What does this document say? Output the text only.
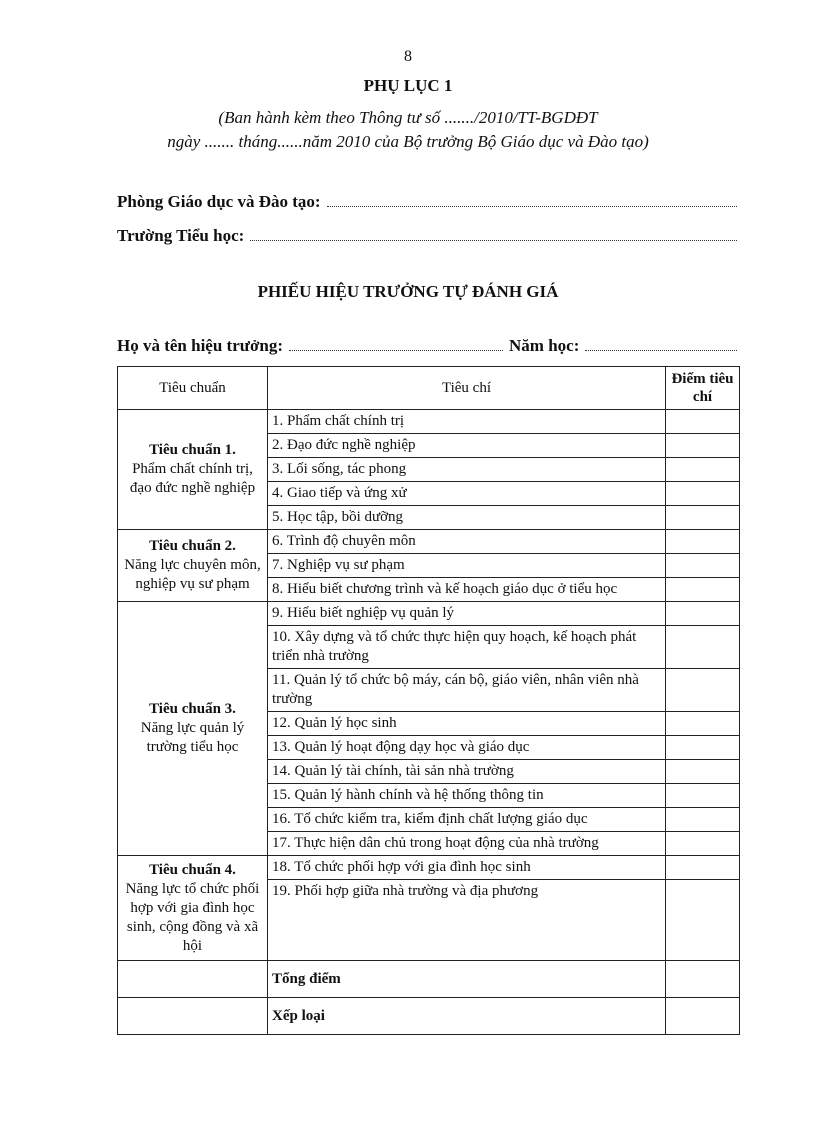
8
PHỤ LỤC 1
(Ban hành kèm theo Thông tư số ......./2010/TT-BGDĐT
ngày ....... tháng......năm 2010 của Bộ trưởng Bộ Giáo dục và Đào tạo)
Phòng Giáo dục và Đào tạo:
Trường Tiểu học:
PHIẾU HIỆU TRƯỞNG TỰ ĐÁNH GIÁ
Họ và tên hiệu trưởng :	Năm học :
Tiêu chuẩn	Tiêu chí	Điểm tiêu chí

Tiêu chuẩn 1.
Phẩm chất chính trị, đạo đức nghề nghiệp	1. Phẩm chất chính trị	
	2. Đạo đức nghề nghiệp	
	3. Lối sống, tác phong	
	4. Giao tiếp và ứng xử	
	5. Học tập, bồi dưỡng	

Tiêu chuẩn 2.
Năng lực chuyên môn, nghiệp vụ sư phạm	6. Trình độ chuyên môn	
	7. Nghiệp vụ sư phạm	
	8. Hiểu biết chương trình và kế hoạch giáo dục ở tiểu học	

Tiêu chuẩn 3.
Năng lực quản lý trường tiểu học	9. Hiểu biết nghiệp vụ quản lý	
	10. Xây dựng và tổ chức thực hiện quy hoạch, kế hoạch phát triển nhà trường	
	11. Quản lý tổ chức bộ máy, cán bộ, giáo viên, nhân viên nhà trường	
	12. Quản lý học sinh	
	13. Quản lý hoạt động dạy học và giáo dục	
	14. Quản lý tài chính, tài sản nhà trường	
	15. Quản lý hành chính và hệ thống thông tin	
	16. Tổ chức kiểm tra, kiểm định chất lượng giáo dục	
	17. Thực hiện dân chủ trong hoạt động của nhà trường	

Tiêu chuẩn 4.
Năng lực tổ chức phối hợp với gia đình học sinh, cộng đồng và xã hội	18. Tổ chức phối hợp với gia đình học sinh	
	19. Phối hợp giữa nhà trường và địa phương	
	Tổng điểm	
	Xếp loại	
